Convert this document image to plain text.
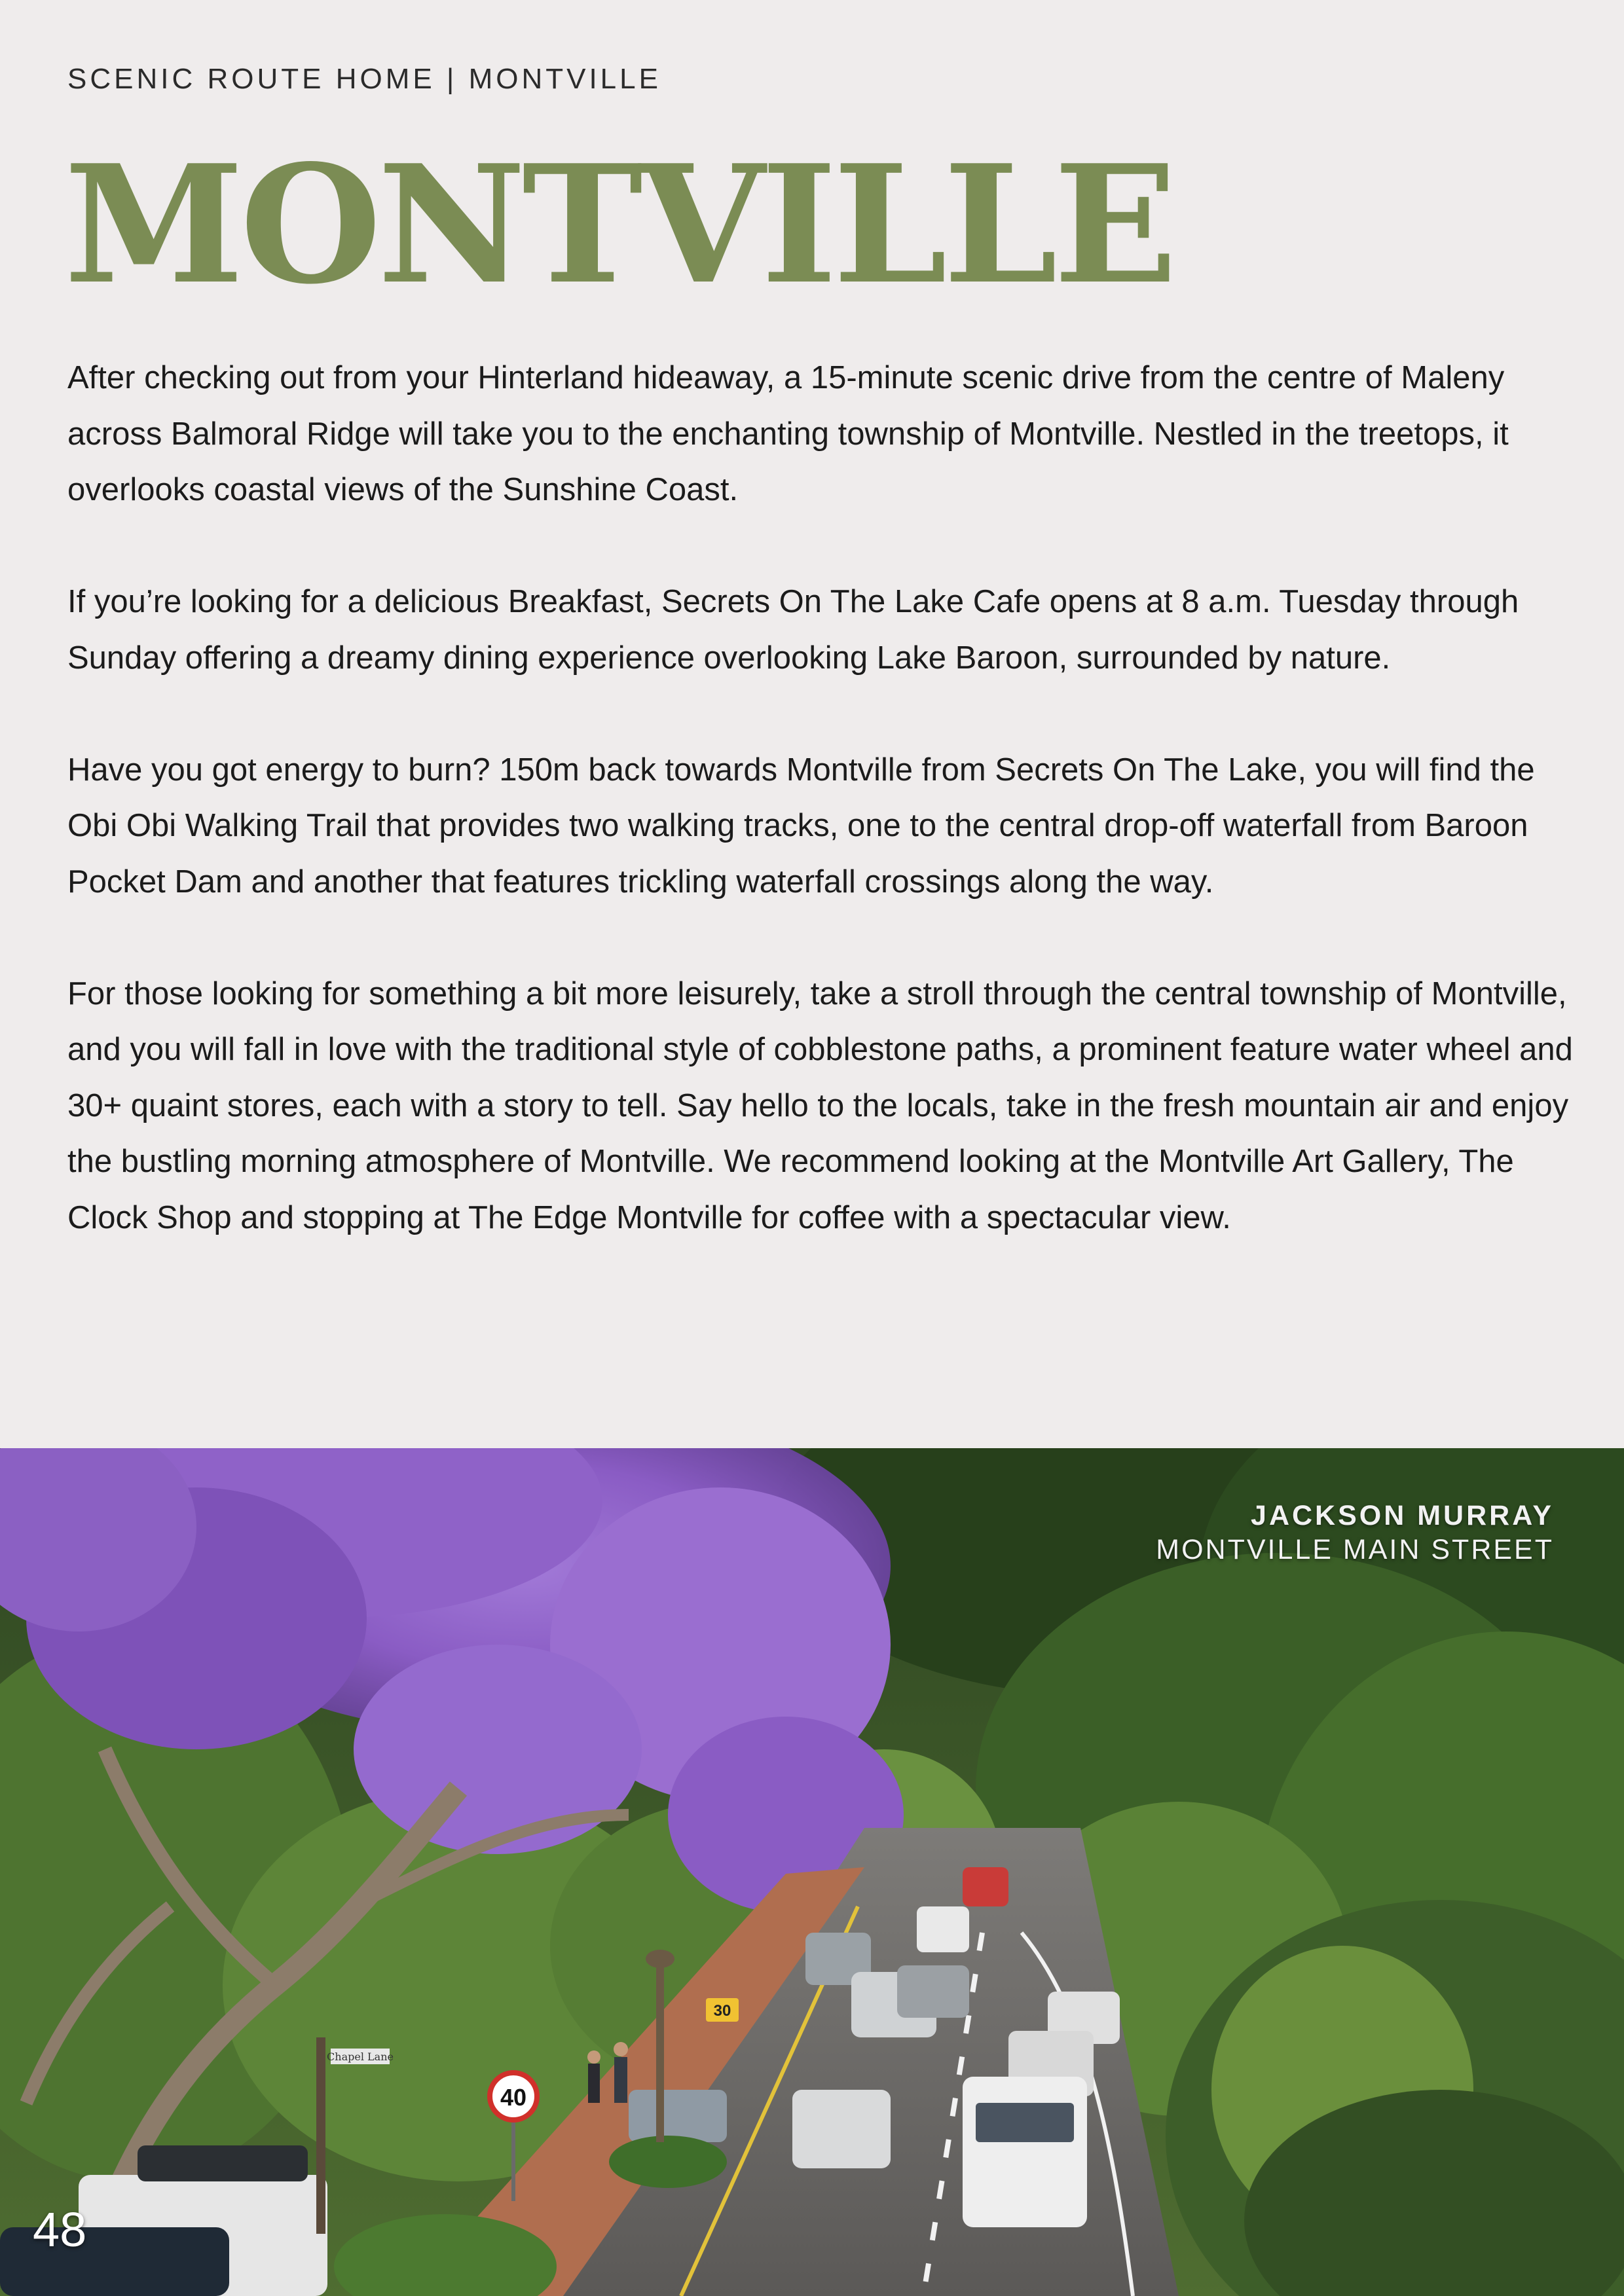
SCENIC ROUTE HOME | MONTVILLE
MONTVILLE

After checking out from your Hinterland hideaway, a 15-minute scenic drive from the centre of Maleny across Balmoral Ridge will take you to the enchanting township of Montville. Nestled in the treetops, it overlooks coastal views of the Sunshine Coast.

If you’re looking for a delicious Breakfast, Secrets On The Lake Cafe opens at 8 a.m. Tuesday through Sunday offering a dreamy dining experience overlooking Lake Baroon, surrounded by nature.

Have you got energy to burn? 150m back towards Montville from Secrets On The Lake, you will find the Obi Obi Walking Trail that provides two walking tracks, one to the central drop-off waterfall from Baroon Pocket Dam and another that features trickling waterfall crossings along the way.

For those looking for something a bit more leisurely, take a stroll through the central township of Montville, and you will fall in love with the traditional style of cobblestone paths, a prominent feature water wheel and 30+ quaint stores, each with a story to tell. Say hello to the locals, take in the fresh mountain air and enjoy the bustling morning atmosphere of Montville. We recommend looking at the Montville Art Gallery, The Clock Shop and stopping at The Edge Montville for coffee with a spectacular view.

30
Chapel Lane
40
JACKSON MURRAY
MONTVILLE MAIN STREET
48
